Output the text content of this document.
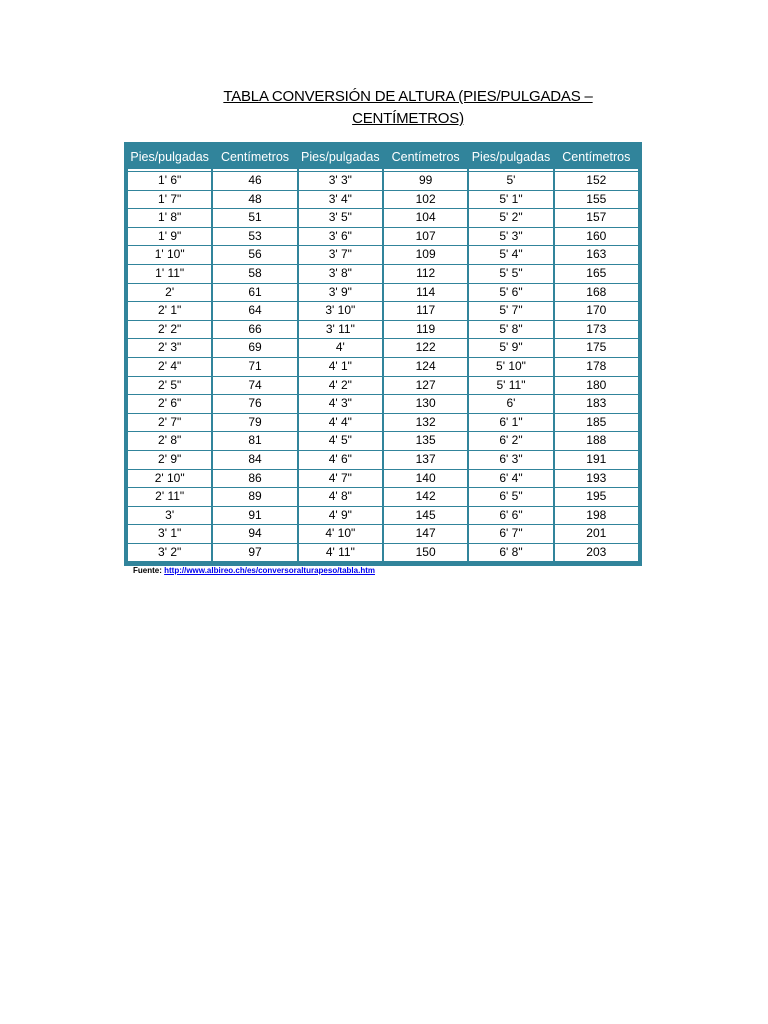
TABLA CONVERSIÓN DE ALTURA (PIES/PULGADAS –
CENTÍMETROS)
Pies/pulgadas	Centímetros	Pies/pulgadas	Centímetros	Pies/pulgadas	Centímetros
1' 6"	46	3' 3"	99	5'	152
1' 7"	48	3' 4"	102	5' 1"	155
1' 8"	51	3' 5"	104	5' 2"	157
1' 9"	53	3' 6"	107	5' 3"	160
1' 10"	56	3' 7"	109	5' 4"	163
1' 11"	58	3' 8"	112	5' 5"	165
2'	61	3' 9"	114	5' 6"	168
2' 1"	64	3' 10"	117	5' 7"	170
2' 2"	66	3' 11"	119	5' 8"	173
2' 3"	69	4'	122	5' 9"	175
2' 4"	71	4' 1"	124	5' 10"	178
2' 5"	74	4' 2"	127	5' 11"	180
2' 6"	76	4' 3"	130	6'	183
2' 7"	79	4' 4"	132	6' 1"	185
2' 8"	81	4' 5"	135	6' 2"	188
2' 9"	84	4' 6"	137	6' 3"	191
2' 10"	86	4' 7"	140	6' 4"	193
2' 11"	89	4' 8"	142	6' 5"	195
3'	91	4' 9"	145	6' 6"	198
3' 1"	94	4' 10"	147	6' 7"	201
3' 2"	97	4' 11"	150	6' 8"	203
Fuente: http://www.albireo.ch/es/conversoralturapeso/tabla.htm
